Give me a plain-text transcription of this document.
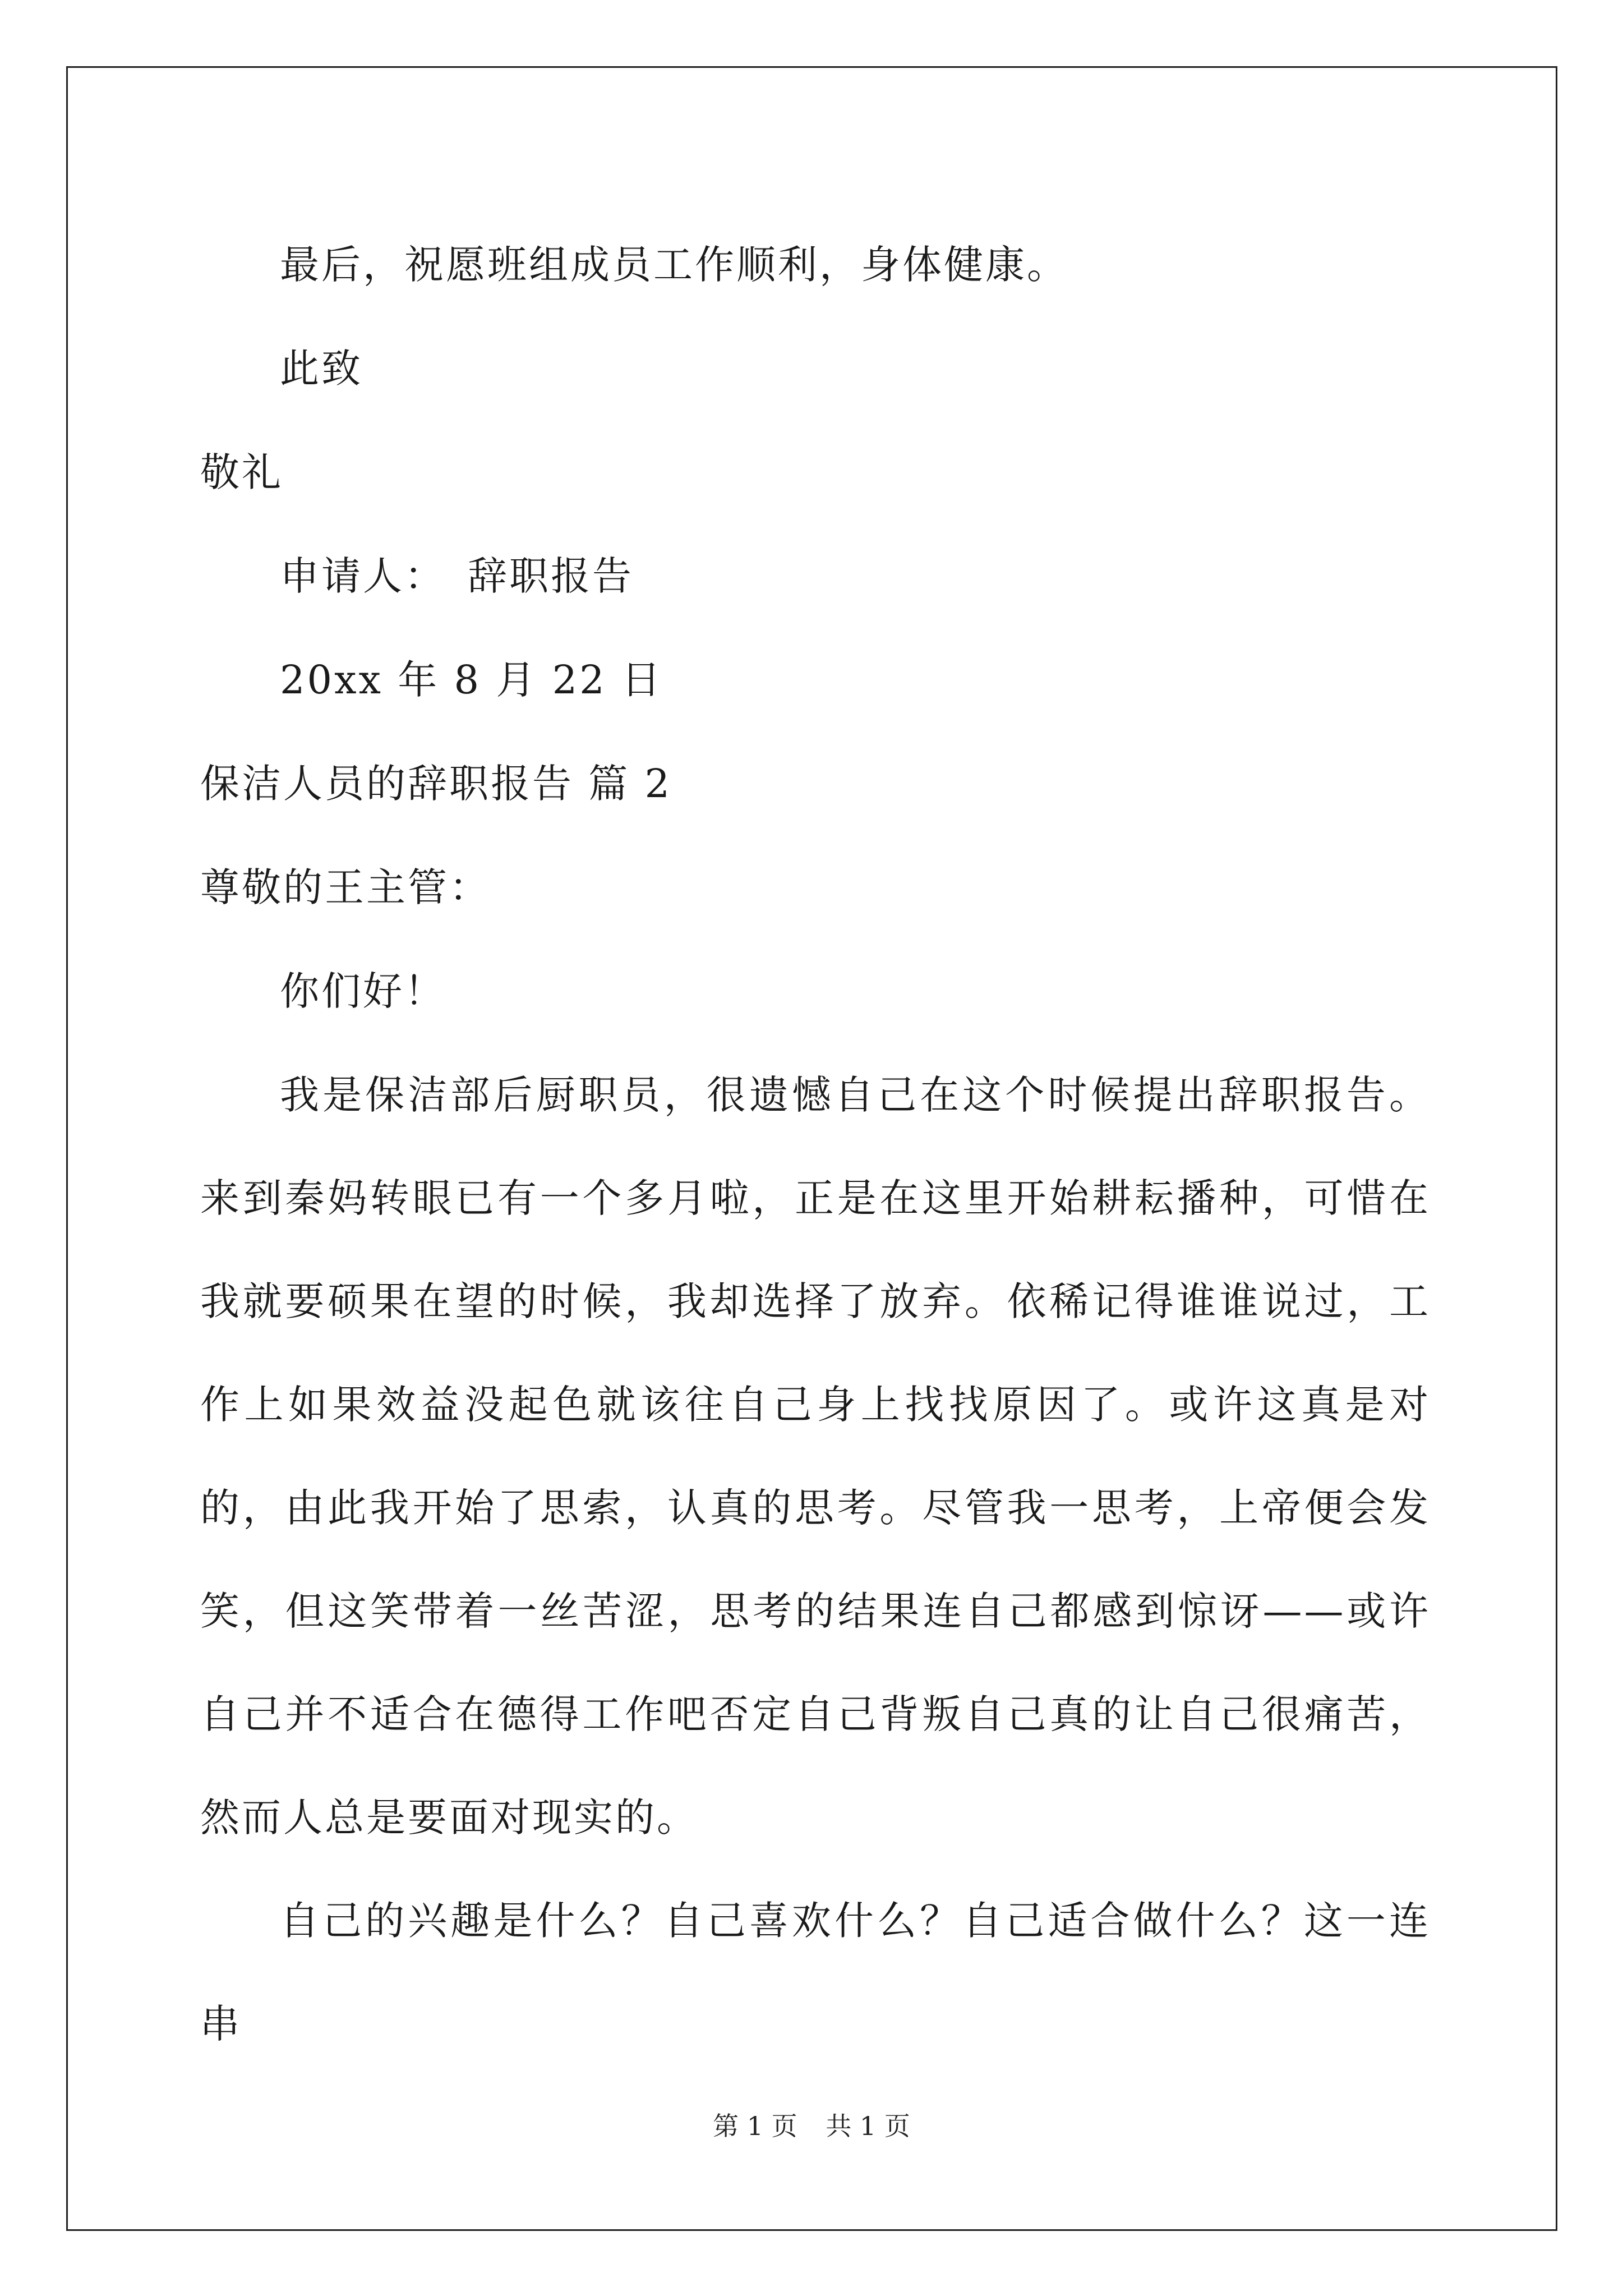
最后，祝愿班组成员工作顺利，身体健康。

此致

敬礼

申请人：　辞职报告

20xx 年 8 月 22 日

保洁人员的辞职报告 篇 2

尊敬的王主管：

你们好！

我是保洁部后厨职员，很遗憾自己在这个时候提出辞职报告。来到秦妈转眼已有一个多月啦，正是在这里开始耕耘播种，可惜在我就要硕果在望的时候，我却选择了放弃。依稀记得谁谁说过，工作上如果效益没起色就该往自己身上找找原因了。或许这真是对的，由此我开始了思索，认真的思考。尽管我一思考，上帝便会发笑，但这笑带着一丝苦涩，思考的结果连自己都感到惊讶——或许自己并不适合在德得工作吧否定自己背叛自己真的让自己很痛苦，然而人总是要面对现实的。

自己的兴趣是什么？自己喜欢什么？自己适合做什么？这一连串

第 1 页 共 1 页
